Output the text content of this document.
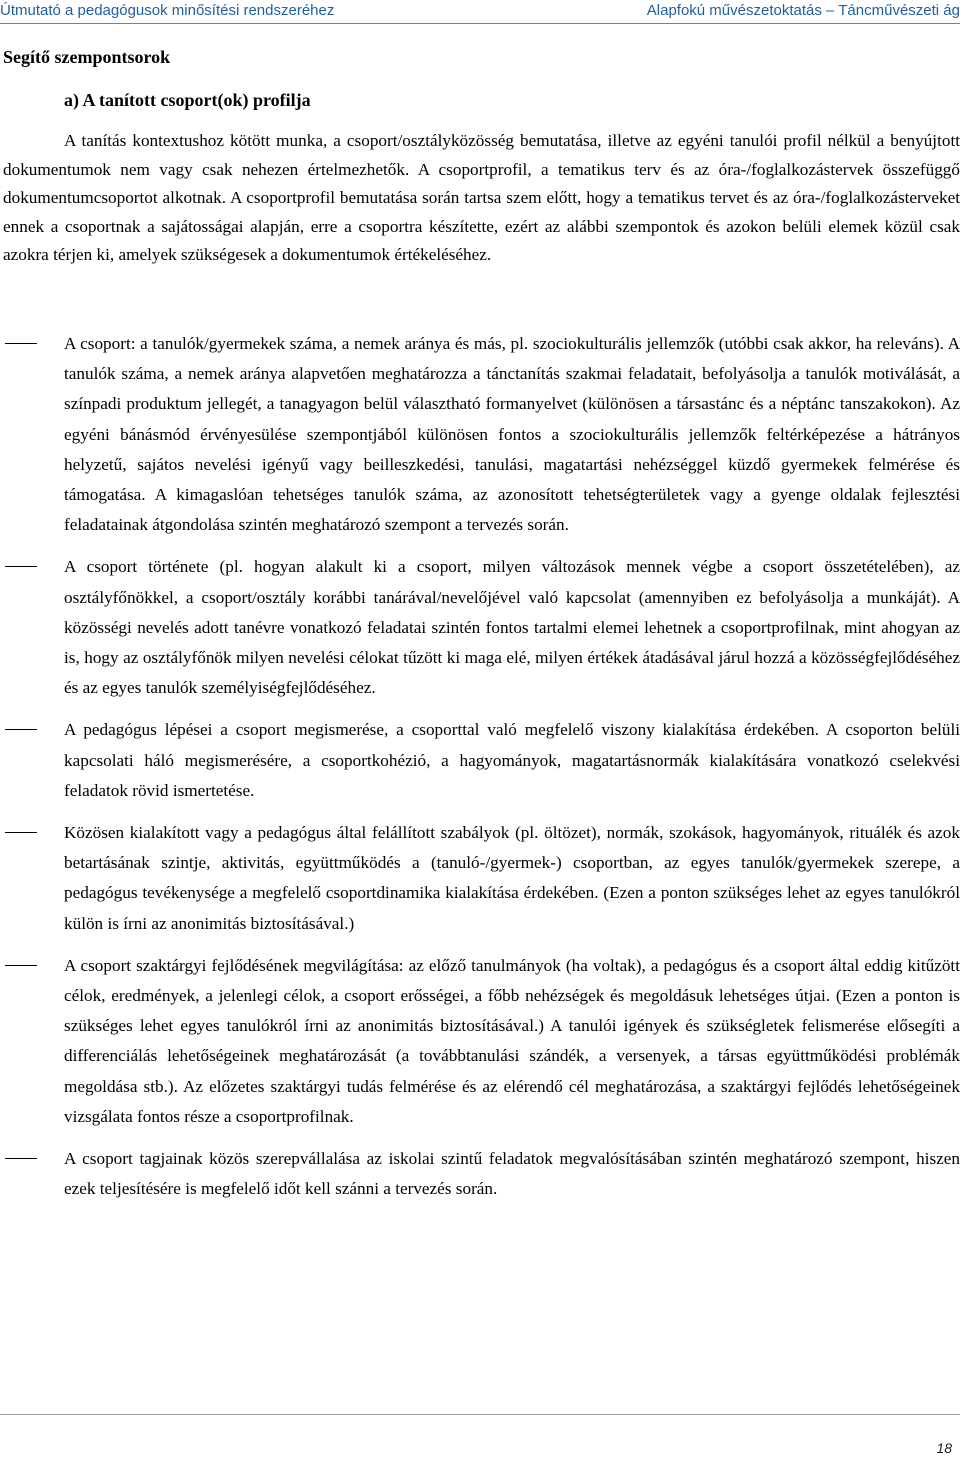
Útmutató a pedagógusok minősítési rendszeréhez	Alapfokú művészetoktatás – Táncművészeti ág
Segítő szempontsorok
a) A tanított csoport(ok) profilja

A tanítás kontextushoz kötött munka, a csoport/osztályközösség bemutatása, illetve az egyéni tanulói profil nélkül a benyújtott dokumentumok nem vagy csak nehezen értelmezhetők. A csoportprofil, a tematikus terv és az óra-/foglalkozástervek összefüggő dokumentumcsoportot alkotnak. A csoportprofil bemutatása során tartsa szem előtt, hogy a tematikus tervet és az óra-/foglalkozásterveket ennek a csoportnak a sajátosságai alapján, erre a csoportra készítette, ezért az alábbi szempontok és azokon belüli elemek közül csak azokra térjen ki, amelyek szükségesek a dokumentumok értékeléséhez.

A csoport: a tanulók/gyermekek száma, a nemek aránya és más, pl. szociokulturális jellemzők (utóbbi csak akkor, ha releváns). A tanulók száma, a nemek aránya alapvetően meghatározza a tánctanítás szakmai feladatait, befolyásolja a tanulók motiválását, a színpadi produktum jellegét, a tanagyagon belül választható formanyelvet (különösen a társastánc és a néptánc tanszakokon). Az egyéni bánásmód érvényesülése szempontjából különösen fontos a szociokulturális jellemzők feltérképezése a hátrányos helyzetű, sajátos nevelési igényű vagy beilleszkedési, tanulási, magatartási nehézséggel küzdő gyermekek felmérése és támogatása. A kimagaslóan tehetséges tanulók száma, az azonosított tehetségterületek vagy a gyenge oldalak fejlesztési feladatainak átgondolása szintén meghatározó szempont a tervezés során.
A csoport története (pl. hogyan alakult ki a csoport, milyen változások mennek végbe a csoport összetételében), az osztályfőnökkel, a csoport/osztály korábbi tanárával/nevelőjével való kapcsolat (amennyiben ez befolyásolja a munkáját). A közösségi nevelés adott tanévre vonatkozó feladatai szintén fontos tartalmi elemei lehetnek a csoportprofilnak, mint ahogyan az is, hogy az osztályfőnök milyen nevelési célokat tűzött ki maga elé, milyen értékek átadásával járul hozzá a közösségfejlődéséhez és az egyes tanulók személyiségfejlődéséhez.
A pedagógus lépései a csoport megismerése, a csoporttal való megfelelő viszony kialakítása érdekében. A csoporton belüli kapcsolati háló megismerésére, a csoportkohézió, a hagyományok, magatartásnormák kialakítására vonatkozó cselekvési feladatok rövid ismertetése.
Közösen kialakított vagy a pedagógus által felállított szabályok (pl. öltözet), normák, szokások, hagyományok, rituálék és azok betartásának szintje, aktivitás, együttműködés a (tanuló-/gyermek-) csoportban, az egyes tanulók/gyermekek szerepe, a pedagógus tevékenysége a megfelelő csoportdinamika kialakítása érdekében. (Ezen a ponton szükséges lehet az egyes tanulókról külön is írni az anonimitás biztosításával.)
A csoport szaktárgyi fejlődésének megvilágítása: az előző tanulmányok (ha voltak), a pedagógus és a csoport által eddig kitűzött célok, eredmények, a jelenlegi célok, a csoport erősségei, a főbb nehézségek és megoldásuk lehetséges útjai. (Ezen a ponton is szükséges lehet egyes tanulókról írni az anonimitás biztosításával.) A tanulói igények és szükségletek felismerése elősegíti a differenciálás lehetőségeinek meghatározását (a továbbtanulási szándék, a versenyek, a társas együttműködési problémák megoldása stb.). Az előzetes szaktárgyi tudás felmérése és az elérendő cél meghatározása, a szaktárgyi fejlődés lehetőségeinek vizsgálata fontos része a csoportprofilnak.
A csoport tagjainak közös szerepvállalása az iskolai szintű feladatok megvalósításában szintén meghatározó szempont, hiszen ezek teljesítésére is megfelelő időt kell szánni a tervezés során.
18
